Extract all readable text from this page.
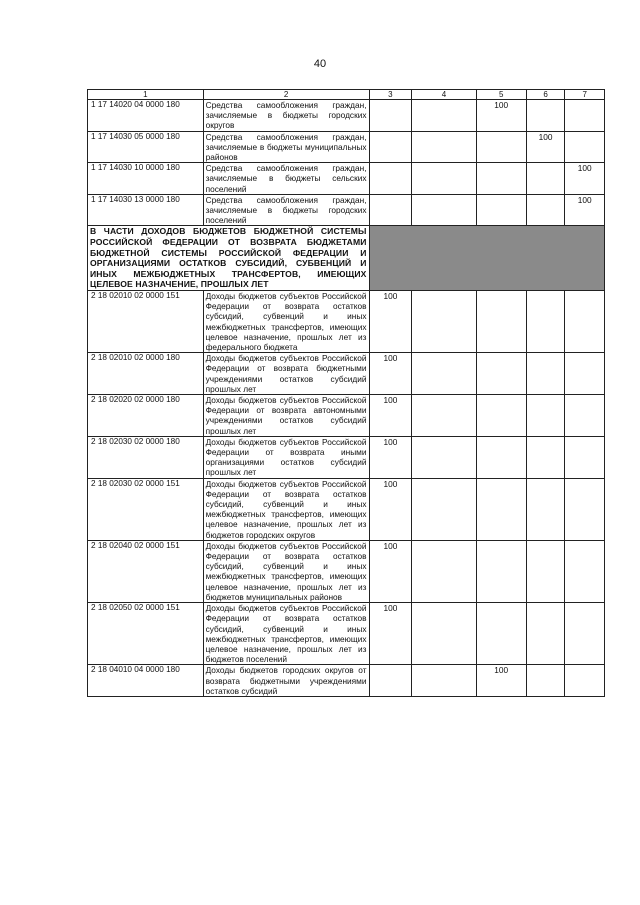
40
1	2	3	4	5	6	7
1 17 14020 04 0000 180	Средства самообложения граждан, зачисляемые в бюджеты городских округов			100		
1 17 14030 05 0000 180	Средства самообложения граждан, зачисляемые в бюджеты муниципальных районов				100	
1 17 14030 10 0000 180	Средства самообложения граждан, зачисляемые в бюджеты сельских поселений					100
1 17 14030 13 0000 180	Средства самообложения граждан, зачисляемые в бюджеты городских поселений					100
В ЧАСТИ ДОХОДОВ БЮДЖЕТОВ БЮДЖЕТНОЙ СИСТЕМЫ РОССИЙСКОЙ ФЕДЕРАЦИИ ОТ ВОЗВРАТА БЮДЖЕТАМИ БЮДЖЕТНОЙ СИСТЕМЫ РОССИЙСКОЙ ФЕДЕРАЦИИ И ОРГАНИЗАЦИЯМИ ОСТАТКОВ СУБСИДИЙ, СУБВЕНЦИЙ И ИНЫХ МЕЖБЮДЖЕТНЫХ ТРАНСФЕРТОВ, ИМЕЮЩИХ ЦЕЛЕВОЕ НАЗНАЧЕНИЕ, ПРОШЛЫХ ЛЕТ						
2 18 02010 02 0000 151	Доходы бюджетов субъектов Российской Федерации от возврата остатков субсидий, субвенций и иных межбюджетных трансфертов, имеющих целевое назначение, прошлых лет из федерального бюджета	100				
2 18 02010 02 0000 180	Доходы бюджетов субъектов Российской Федерации от возврата бюджетными учреждениями остатков субсидий прошлых лет	100				
2 18 02020 02 0000 180	Доходы бюджетов субъектов Российской Федерации от возврата автономными учреждениями остатков субсидий прошлых лет	100				
2 18 02030 02 0000 180	Доходы бюджетов субъектов Российской Федерации от возврата иными организациями остатков субсидий прошлых лет	100				
2 18 02030 02 0000 151	Доходы бюджетов субъектов Российской Федерации от возврата остатков субсидий, субвенций и иных межбюджетных трансфертов, имеющих целевое назначение, прошлых лет из бюджетов городских округов	100				
2 18 02040 02 0000 151	Доходы бюджетов субъектов Российской Федерации от возврата остатков субсидий, субвенций и иных межбюджетных трансфертов, имеющих целевое назначение, прошлых лет из бюджетов муниципальных районов	100				
2 18 02050 02 0000 151	Доходы бюджетов субъектов Российской Федерации от возврата остатков субсидий, субвенций и иных межбюджетных трансфертов, имеющих целевое назначение, прошлых лет из бюджетов поселений	100				
2 18 04010 04 0000 180	Доходы бюджетов городских округов от возврата бюджетными учреждениями остатков субсидий			100		
